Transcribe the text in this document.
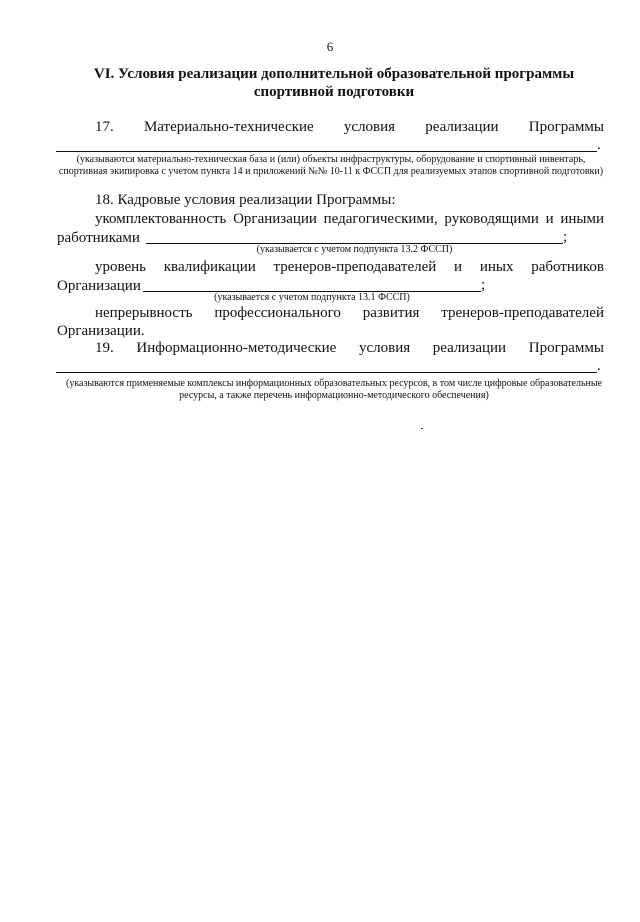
6
VI. Условия реализации дополнительной образовательной программы
спортивной подготовки
17. Материально-технические условия реализации Программы
.
(указываются материально-техническая база и (или) объекты инфраструктуры, оборудование и спортивный инвентарь, спортивная экипировка с учетом пункта 14 и приложений №№ 10-11 к ФССП для реализуемых этапов спортивной подготовки)
18. Кадровые условия реализации Программы:
укомплектованность Организации педагогическими, руководящими и иными
работниками	;
(указывается с учетом подпункта 13.2 ФССП)
уровень квалификации тренеров-преподавателей и иных работников
Организации	;
(указывается с учетом подпункта 13.1 ФССП)
непрерывность профессионального развития тренеров-преподавателей
Организации.
19. Информационно-методические условия реализации Программы
.
(указываются применяемые комплексы информационных образовательных ресурсов, в том числе цифровые образовательные ресурсы, а также перечень информационно-методического обеспечения)
